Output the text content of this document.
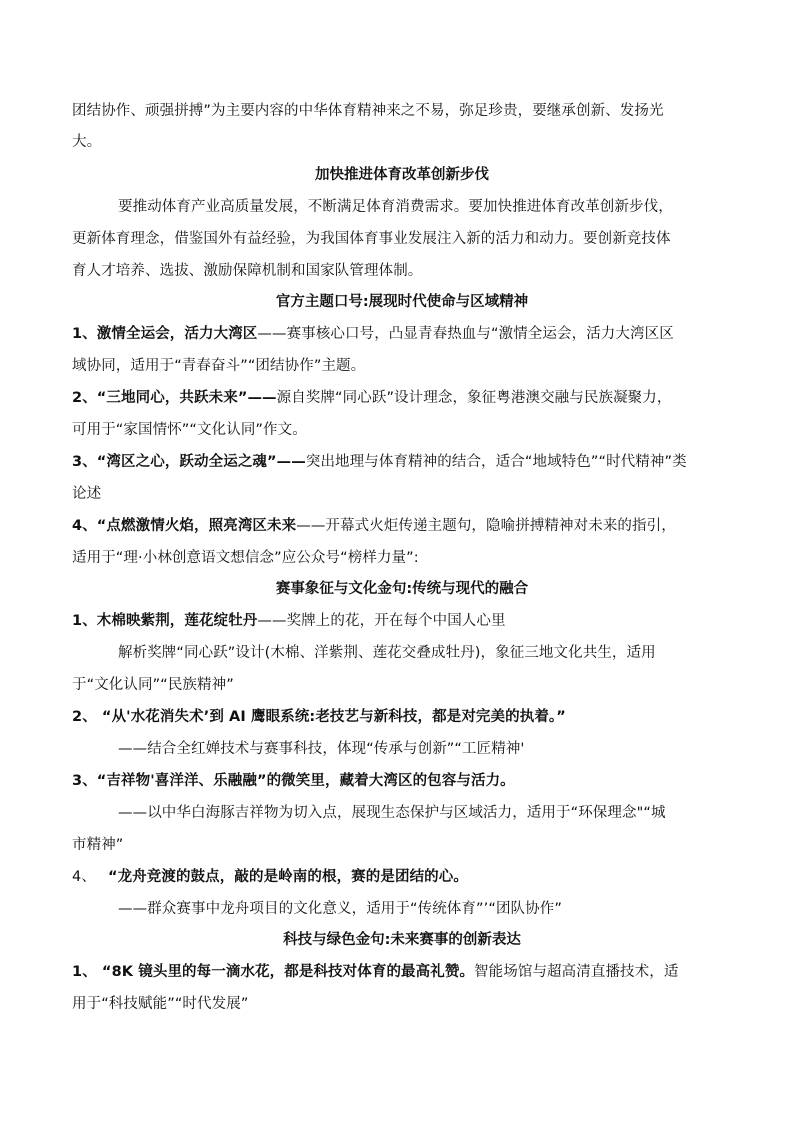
团结协作、顽强拼搏”为主要内容的中华体育精神来之不易，弥足珍贵，要继承创新、发扬光
大。
加快推进体育改革创新步伐
要推动体育产业高质量发展，不断满足体育消费需求。要加快推进体育改革创新步伐，
更新体育理念，借鉴国外有益经验，为我国体育事业发展注入新的活力和动力。要创新竞技体
育人才培养、选拔、激励保障机制和国家队管理体制。
官方主题口号:展现时代使命与区域精神
1、激情全运会，活力大湾区——赛事核心口号，凸显青春热血与“激情全运会，活力大湾区区
域协同，适用于“青春奋斗”“团结协作”主题。
2、“三地同心，共跃未来”——源自奖牌“同心跃”设计理念，象征粤港澳交融与民族凝聚力，
可用于“家国情怀”“文化认同”作文。
3、“湾区之心，跃动全运之魂”——突出地理与体育精神的结合，适合“地域特色”“时代精神”类
论述
4、“点燃激情火焰，照亮湾区未来——开幕式火炬传递主题句，隐喻拼搏精神对未来的指引，
适用于“理·小林创意语文想信念”应公众号“榜样力量”:
赛事象征与文化金句:传统与现代的融合
1、木棉映紫荆，莲花绽牡丹——奖牌上的花，开在每个中国人心里
解析奖牌“同心跃”设计(木棉、洋紫荆、莲花交叠成牡丹)，象征三地文化共生，适用
于“文化认同”“民族精神”
2、 “从'水花消失术’到 AI 鹰眼系统:老技艺与新科技，都是对完美的执着。”
——结合全红婵技术与赛事科技，体现“传承与创新”“工匠精神'
3、“吉祥物'喜洋洋、乐融融”的微笑里，藏着大湾区的包容与活力。
——以中华白海豚吉祥物为切入点，展现生态保护与区域活力，适用于“环保理念"“城
市精神”
4、 “龙舟竞渡的鼓点，敲的是岭南的根，赛的是团结的心。
——群众赛事中龙舟项目的文化意义，适用于“传统体育”’“团队协作”
科技与绿色金句:未来赛事的创新表达
1、 “8K 镜头里的每一滴水花，都是科技对体育的最高礼赞。智能场馆与超高清直播技术，适
用于“科技赋能”“时代发展”
